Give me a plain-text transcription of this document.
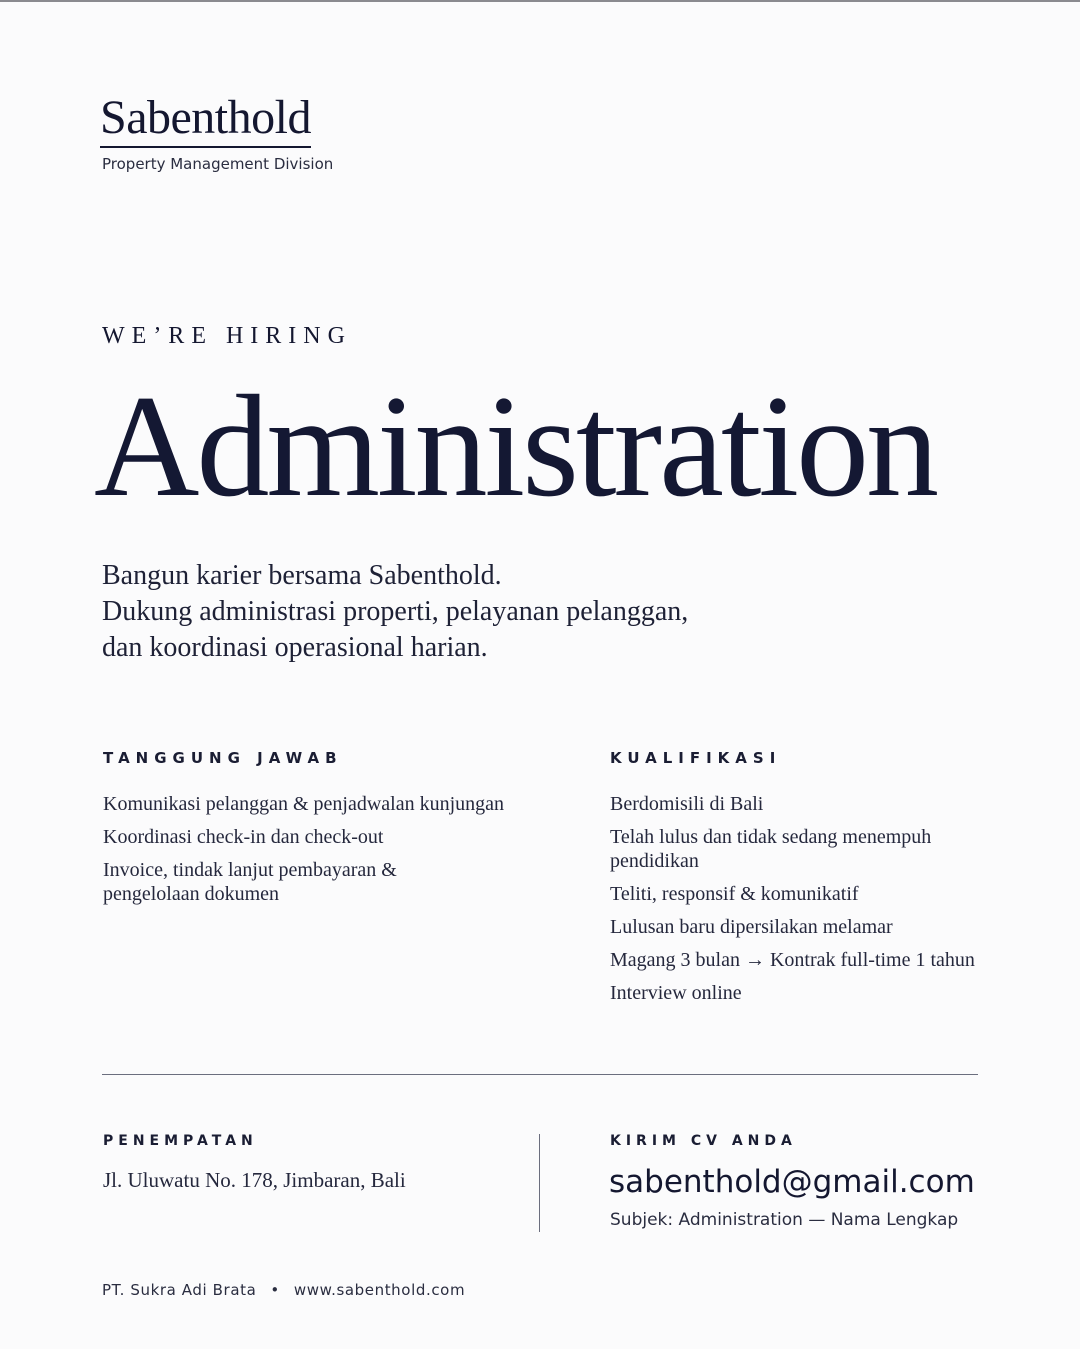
Sabenthold
Property Management Division
WE’RE HIRING
Administration
Bangun karier bersama Sabenthold.
Dukung administrasi properti, pelayanan pelanggan,
dan koordinasi operasional harian.
TANGGUNG JAWAB
Komunikasi pelanggan & penjadwalan kunjungan
Koordinasi check-in dan check-out
Invoice, tindak lanjut pembayaran & pengelolaan dokumen
KUALIFIKASI
Berdomisili di Bali
Telah lulus dan tidak sedang menempuh pendidikan
Teliti, responsif & komunikatif
Lulusan baru dipersilakan melamar
Magang 3 bulan → Kontrak full-time 1 tahun
Interview online
PENEMPATAN
Jl. Uluwatu No. 178, Jimbaran, Bali
KIRIM CV ANDA
sabenthold@gmail.com
Subjek: Administration — Nama Lengkap
PT. Sukra Adi Brata • www.sabenthold.com
